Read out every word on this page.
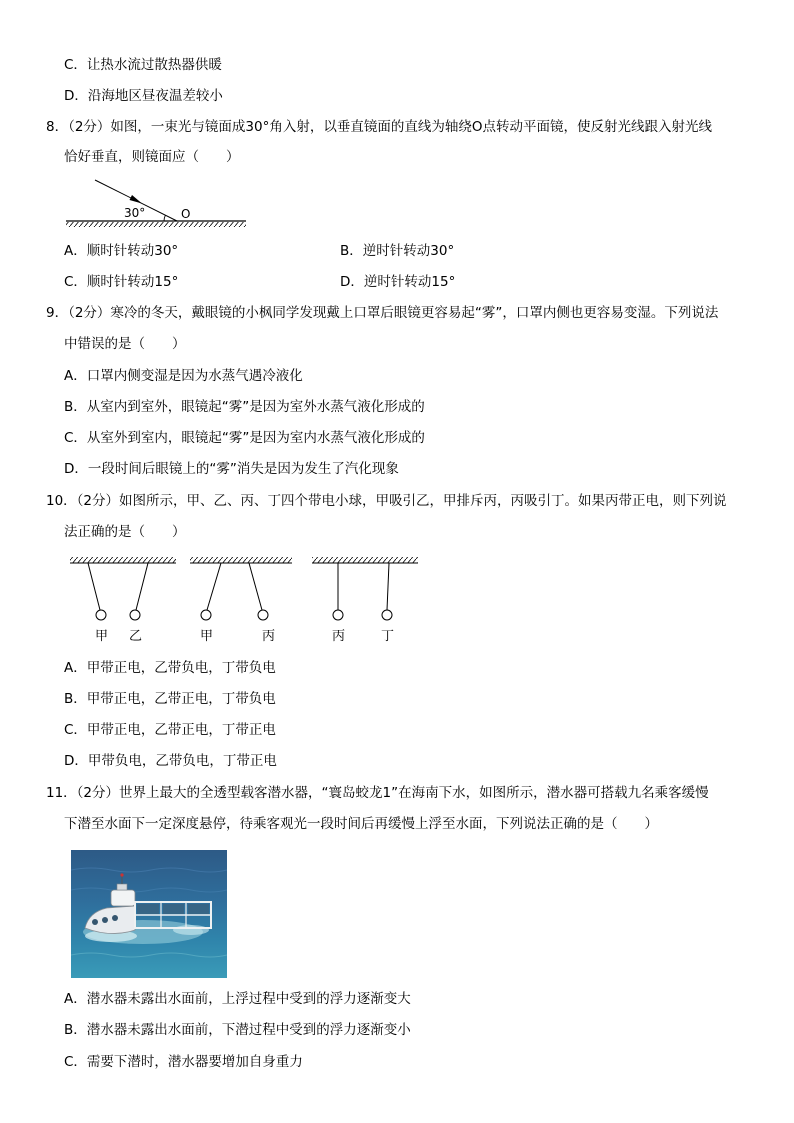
C．让热水流过散热器供暖
D．沿海地区昼夜温差较小
8．（2分）如图，一束光与镜面成30°角入射，以垂直镜面的直线为轴绕O点转动平面镜，使反射光线跟入射光线
恰好垂直，则镜面应（　　）
30°	O
A．顺时针转动30°	B．逆时针转动30°
C．顺时针转动15°	D．逆时针转动15°
9．（2分）寒冷的冬天，戴眼镜的小枫同学发现戴上口罩后眼镜更容易起“雾”，口罩内侧也更容易变湿。下列说法
中错误的是（　　）
A．口罩内侧变湿是因为水蒸气遇冷液化
B．从室内到室外，眼镜起“雾”是因为室外水蒸气液化形成的
C．从室外到室内，眼镜起“雾”是因为室内水蒸气液化形成的
D．一段时间后眼镜上的“雾”消失是因为发生了汽化现象
10．（2分）如图所示，甲、乙、丙、丁四个带电小球，甲吸引乙，甲排斥丙，丙吸引丁。如果丙带正电，则下列说
法正确的是（　　）
甲 乙	甲	丙	丙	丁
A．甲带正电，乙带负电，丁带负电
B．甲带正电，乙带正电，丁带负电
C．甲带正电，乙带正电，丁带正电
D．甲带负电，乙带负电，丁带正电
11．（2分）世界上最大的全透型载客潜水器，“寰岛蛟龙1”在海南下水，如图所示，潜水器可搭载九名乘客缓慢
下潜至水面下一定深度悬停，待乘客观光一段时间后再缓慢上浮至水面，下列说法正确的是（　　）
A．潜水器未露出水面前，上浮过程中受到的浮力逐渐变大
B．潜水器未露出水面前，下潜过程中受到的浮力逐渐变小
C．需要下潜时，潜水器要增加自身重力
